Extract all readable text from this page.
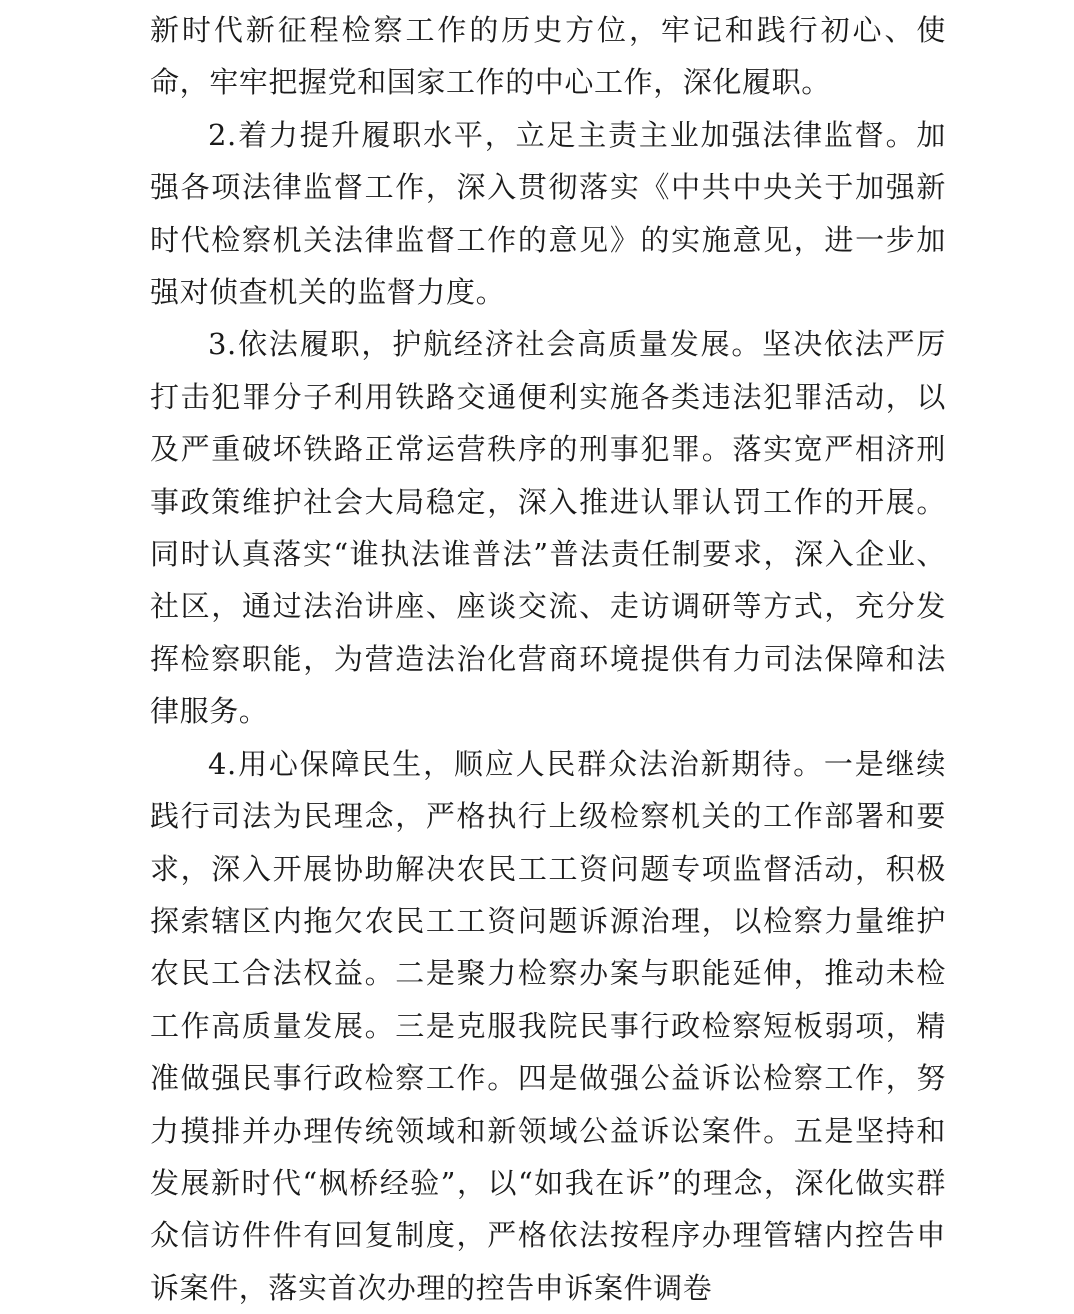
新时代新征程检察工作的历史方位，牢记和践行初心、使命，牢牢把握党和国家工作的中心工作，深化履职。

2.着力提升履职水平，立足主责主业加强法律监督。加强各项法律监督工作，深入贯彻落实《中共中央关于加强新时代检察机关法律监督工作的意见》的实施意见，进一步加强对侦查机关的监督力度。

3.依法履职，护航经济社会高质量发展。坚决依法严厉打击犯罪分子利用铁路交通便利实施各类违法犯罪活动，以及严重破坏铁路正常运营秩序的刑事犯罪。落实宽严相济刑事政策维护社会大局稳定，深入推进认罪认罚工作的开展。同时认真落实“谁执法谁普法”普法责任制要求，深入企业、社区，通过法治讲座、座谈交流、走访调研等方式，充分发挥检察职能，为营造法治化营商环境提供有力司法保障和法律服务。

4.用心保障民生，顺应人民群众法治新期待。一是继续践行司法为民理念，严格执行上级检察机关的工作部署和要求，深入开展协助解决农民工工资问题专项监督活动，积极探索辖区内拖欠农民工工资问题诉源治理，以检察力量维护农民工合法权益。二是聚力检察办案与职能延伸，推动未检工作高质量发展。三是克服我院民事行政检察短板弱项，精准做强民事行政检察工作。四是做强公益诉讼检察工作，努力摸排并办理传统领域和新领域公益诉讼案件。五是坚持和发展新时代“枫桥经验”，以“如我在诉”的理念，深化做实群众信访件件有回复制度，严格依法按程序办理管辖内控告申诉案件，落实首次办理的控告申诉案件调卷
